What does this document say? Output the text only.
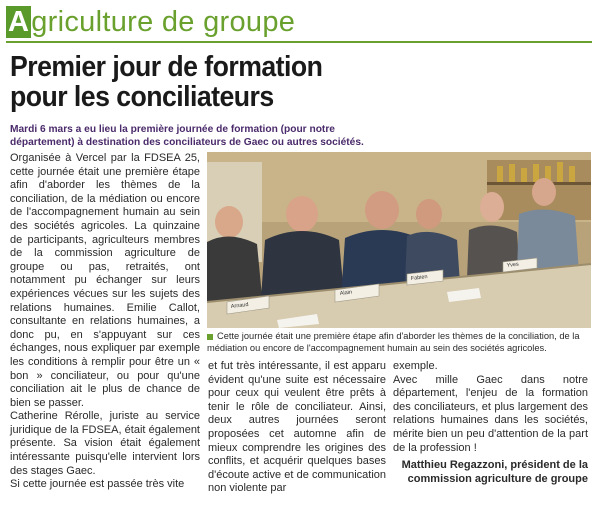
Agriculture de groupe
Premier jour de formation
pour les conciliateurs
Mardi 6 mars a eu lieu la première journée de formation (pour notre département) à destination des conciliateurs de Gaec ou autres sociétés.

Organisée à Vercel par la FDSEA 25, cette journée était une première étape afin d'aborder les thèmes de la conciliation, de la médiation ou encore de l'accompagnement humain au sein des sociétés agricoles. La quinzaine de participants, agriculteurs membres de la commission agriculture de groupe ou pas, retraités, ont notamment pu échanger sur leurs expériences vécues sur les sujets des relations humaines. Emilie Callot, consultante en relations humaines, a donc pu, en s'appuyant sur ces échanges, nous expliquer par exemple les conditions à remplir pour être un « bon » conciliateur, ou pour qu'une conciliation ait le plus de chance de bien se passer.

Catherine Rérolle, juriste au service juridique de la FDSEA, était également présente. Sa vision était également intéressante puisqu'elle intervient lors des stages Gaec.

Si cette journée est passée très vite

Arnaud
Alain
Fabien
Yves
Cette journée était une première étape afin d'aborder les thèmes de la conciliation, de la médiation ou encore de l'accompagnement humain au sein des sociétés agricoles.

et fut très intéressante, il est apparu évident qu'une suite est nécessaire pour ceux qui veulent être prêts à tenir le rôle de conciliateur. Ainsi, deux autres journées seront proposées cet automne afin de mieux comprendre les origines des conflits, et acquérir quelques bases d'écoute active et de communication non violente par

exemple.

Avec mille Gaec dans notre département, l'enjeu de la formation des conciliateurs, et plus largement des relations humaines dans les sociétés, mérite bien un peu d'attention de la part de la profession !

Matthieu Regazzoni, président de la commission agriculture de groupe
